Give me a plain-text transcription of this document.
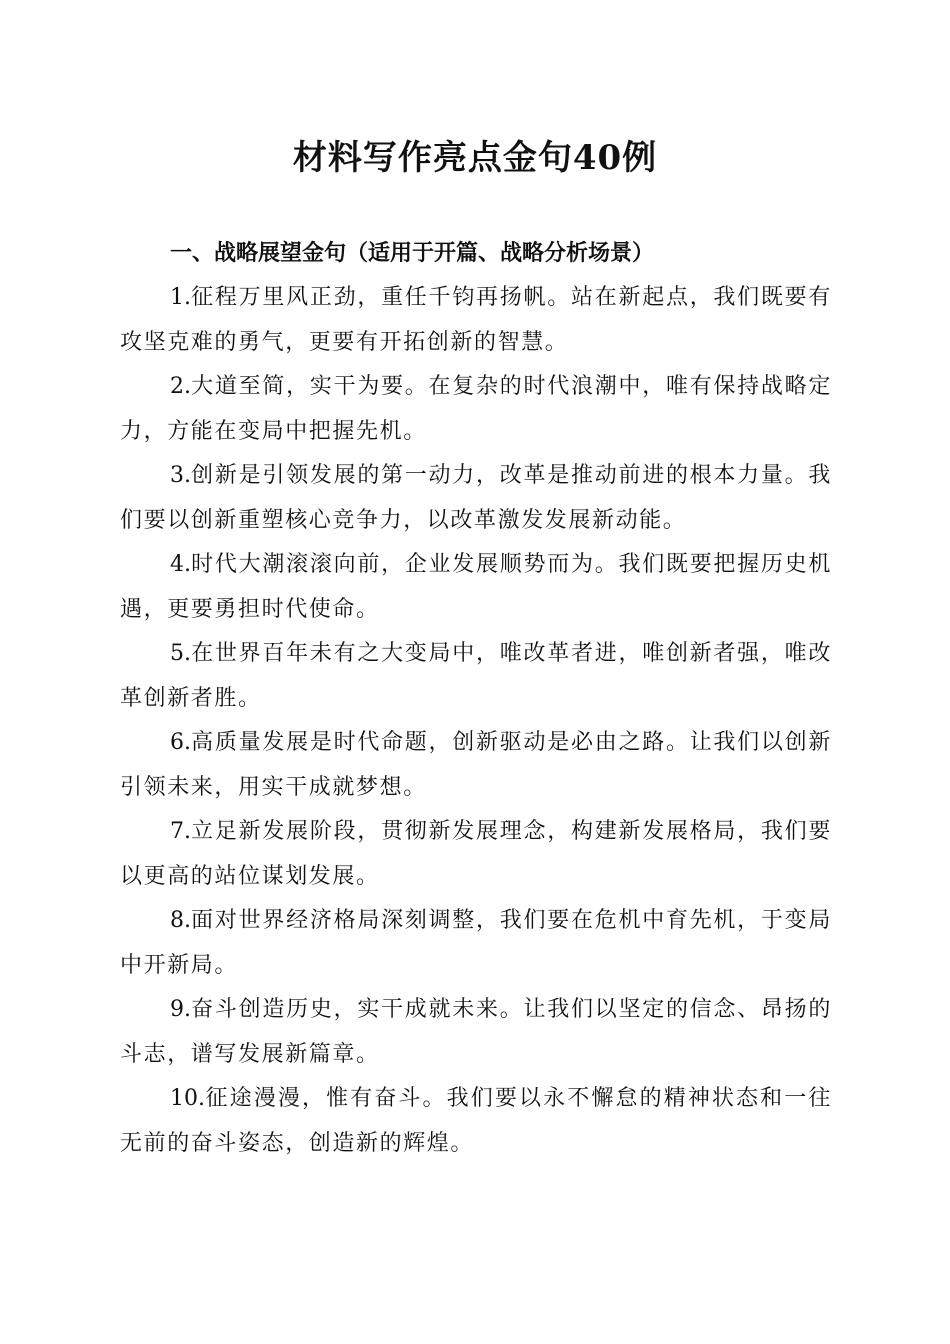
材料写作亮点金句40例

一、战略展望金句（适用于开篇、战略分析场景）

1.征程万里风正劲，重任千钧再扬帆。站在新起点，我们既要有攻坚克难的勇气，更要有开拓创新的智慧。

2.大道至简，实干为要。在复杂的时代浪潮中，唯有保持战略定力，方能在变局中把握先机。

3.创新是引领发展的第一动力，改革是推动前进的根本力量。我们要以创新重塑核心竞争力，以改革激发发展新动能。

4.时代大潮滚滚向前，企业发展顺势而为。我们既要把握历史机遇，更要勇担时代使命。

5.在世界百年未有之大变局中，唯改革者进，唯创新者强，唯改革创新者胜。

6.高质量发展是时代命题，创新驱动是必由之路。让我们以创新引领未来，用实干成就梦想。

7.立足新发展阶段，贯彻新发展理念，构建新发展格局，我们要以更高的站位谋划发展。

8.面对世界经济格局深刻调整，我们要在危机中育先机，于变局中开新局。

9.奋斗创造历史，实干成就未来。让我们以坚定的信念、昂扬的斗志，谱写发展新篇章。

10.征途漫漫，惟有奋斗。我们要以永不懈怠的精神状态和一往无前的奋斗姿态，创造新的辉煌。
